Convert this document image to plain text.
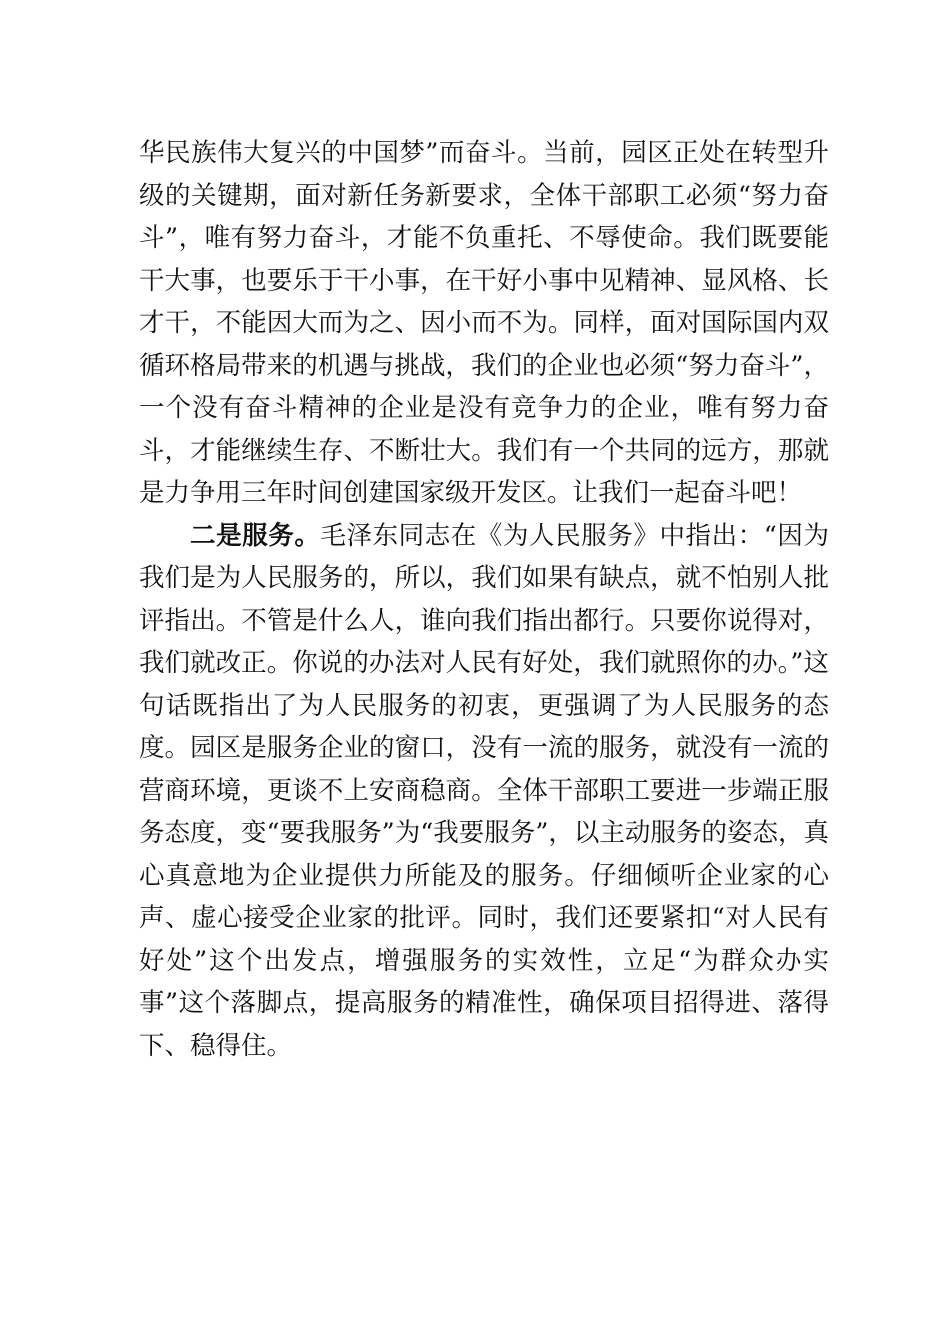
华民族伟大复兴的中国梦”而奋斗。当前，园区正处在转型升级的关键期，面对新任务新要求，全体干部职工必须“努力奋斗”，唯有努力奋斗，才能不负重托、不辱使命。我们既要能干大事，也要乐于干小事，在干好小事中见精神、显风格、长才干，不能因大而为之、因小而不为。同样，面对国际国内双循环格局带来的机遇与挑战，我们的企业也必须“努力奋斗”，一个没有奋斗精神的企业是没有竞争力的企业，唯有努力奋斗，才能继续生存、不断壮大。我们有一个共同的远方，那就是力争用三年时间创建国家级开发区。让我们一起奋斗吧！

二是服务。毛泽东同志在《为人民服务》中指出：“因为我们是为人民服务的，所以，我们如果有缺点，就不怕别人批评指出。不管是什么人，谁向我们指出都行。只要你说得对，我们就改正。你说的办法对人民有好处，我们就照你的办。”这句话既指出了为人民服务的初衷，更强调了为人民服务的态度。园区是服务企业的窗口，没有一流的服务，就没有一流的营商环境，更谈不上安商稳商。全体干部职工要进一步端正服务态度，变“要我服务”为“我要服务”，以主动服务的姿态，真心真意地为企业提供力所能及的服务。仔细倾听企业家的心声、虚心接受企业家的批评。同时，我们还要紧扣“对人民有好处”这个出发点，增强服务的实效性，立足“为群众办实事”这个落脚点，提高服务的精准性，确保项目招得进、落得下、稳得住。
